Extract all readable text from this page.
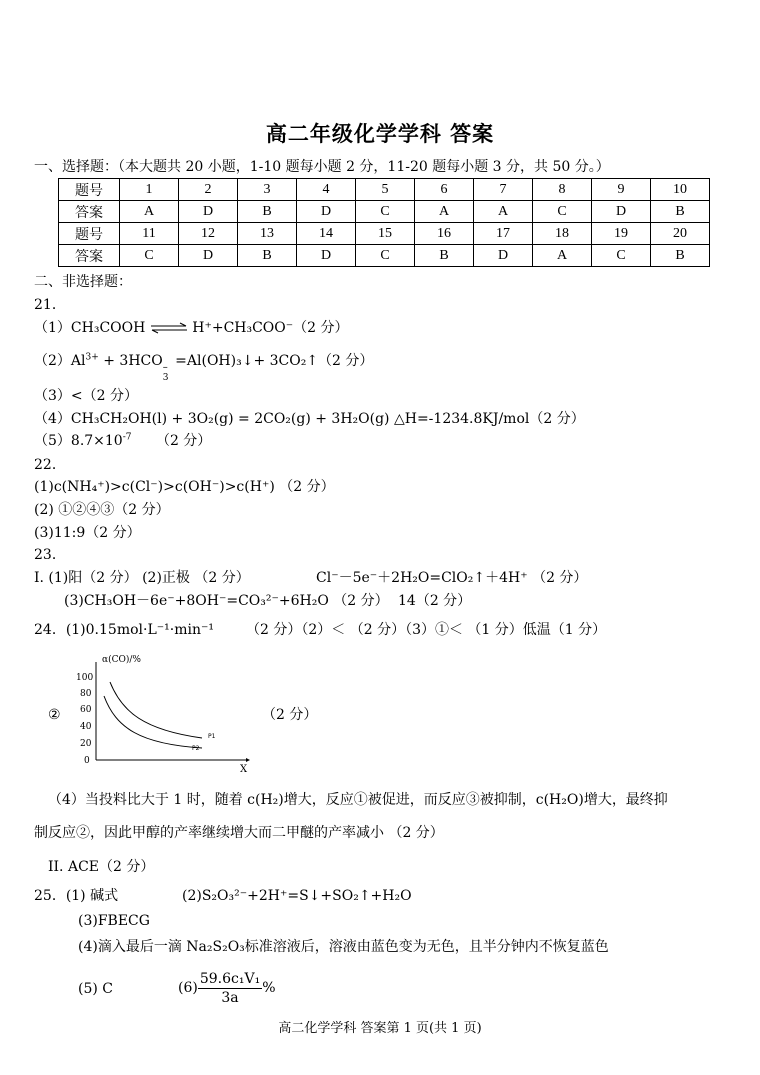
高二年级化学学科 答案
一、选择题：（本大题共 20 小题，1-10 题每小题 2 分，11-20 题每小题 3 分，共 50 分。）
题号	1	2	3	4	5	6	7	8	9	10
答案	A	D	B	D	C	A	A	C	D	B
题号	11	12	13	14	15	16	17	18	19	20
答案	C	D	B	D	C	B	D	A	C	B
二、非选择题：
21．
（1）CH₃COOH ⇌ H⁺+CH₃COO⁻（2 分）
$(2)Al^{3+} + 3HCO$ –
3
=Al(OH)₃↓+ 3CO₂↑（2 分）
（3）<（2 分）
（4）CH₃CH₂OH(l) + 3O₂(g) = 2CO₂(g) + 3H₂O(g) △H=-1234.8KJ/mol（2 分）
$(5)8.7\times 10^{-7}$ （2 分）
22．
(1)c(NH₄⁺)>c(Cl⁻)>c(OH⁻)>c(H⁺) （2 分）
(2) ①②④③（2 分）
(3)11:9（2 分）
23．
I. (1)阳（2 分） (2)正极 （2 分）	Cl⁻－5e⁻＋2H₂O=ClO₂↑＋4H⁺ （2 分）
(3)CH₃OH－6e⁻+8OH⁻=CO₃²⁻+6H₂O （2 分） 14（2 分）
24．(1)0.15mol·L⁻¹·min⁻¹ （2 分）（2）＜ （2 分）（3）①＜ （1 分）低温（1 分）
②
α(CO)/%
100
80
60
40
20
0
P1
P2
X
（2 分）
（4）当投料比大于 1 时，随着 c(H₂)增大，反应①被促进，而反应③被抑制，c(H₂O)增大，最终抑
制反应②，因此甲醇的产率继续增大而二甲醚的产率减小 （2 分）
II. ACE（2 分）
25．(1) 碱式	(2)S₂O₃²⁻+2H⁺=S↓+SO₂↑+H₂O
(3)FBECG
(4)滴入最后一滴 Na₂S₂O₃标准溶液后，溶液由蓝色变为无色，且半分钟内不恢复蓝色
(5) C	$(6) \frac{\text{59.6c₁V₁}}{3a}$ %
高二化学学科 答案第 1 页(共 1 页)
